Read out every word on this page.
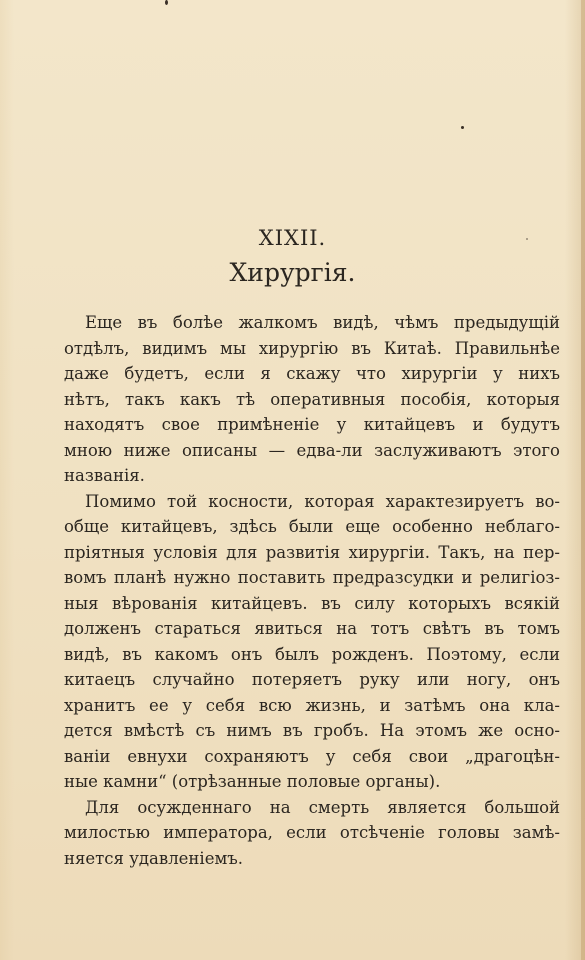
XIXII.
Хирургія.
Еще въ болѣе жалкомъ видѣ, чѣмъ предыдущій
отдѣлъ, видимъ мы хирургію въ Китаѣ. Правильнѣе
даже будетъ, если я скажу что хирургіи у нихъ
нѣтъ, такъ какъ тѣ оперативныя пособія, которыя
находятъ свое примѣненіе у китайцевъ и будутъ
мною ниже описаны — едва-ли заслуживаютъ этого
названія.
Помимо той косности, которая характезируетъ во-
обще китайцевъ, здѣсь были еще особенно неблаго-
пріятныя условія для развитія хирургіи. Такъ, на пер-
вомъ планѣ нужно поставить предразсудки и религіоз-
ныя вѣрованія китайцевъ. въ силу которыхъ всякій
долженъ стараться явиться на тотъ свѣтъ въ томъ
видѣ, въ какомъ онъ былъ рожденъ. Поэтому, если
китаецъ случайно потеряетъ руку или ногу, онъ
хранитъ ее у себя всю жизнь, и затѣмъ она кла-
дется вмѣстѣ съ нимъ въ гробъ. На этомъ же осно-
ваніи евнухи сохраняютъ у себя свои „драгоцѣн-
ные камни“ (отрѣзанные половые органы).
Для осужденнаго на смерть является большой
милостью императора, если отсѣченіе головы замѣ-
няется удавленіемъ.
